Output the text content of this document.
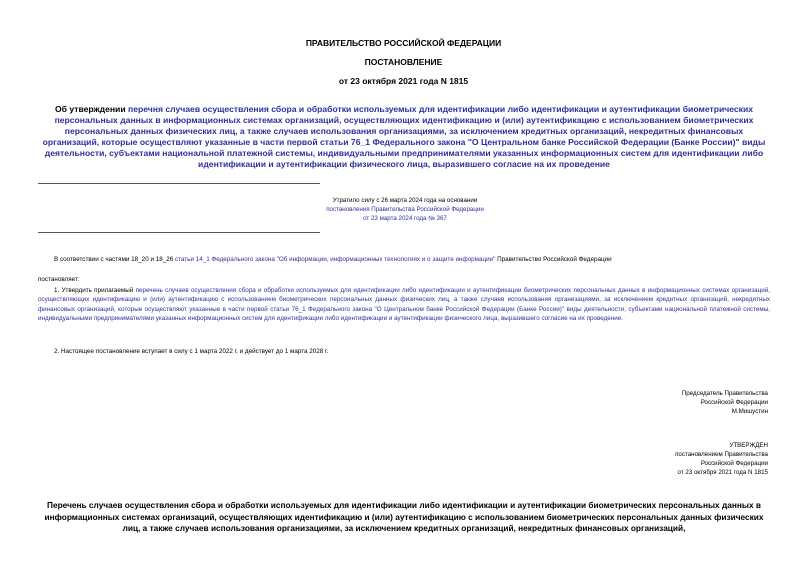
ПРАВИТЕЛЬСТВО РОССИЙСКОЙ ФЕДЕРАЦИИ
ПОСТАНОВЛЕНИЕ
от 23 октября 2021 года N 1815
Об утверждении перечня случаев осуществления сбора и обработки используемых для идентификации либо идентификации и аутентификации биометрических персональных данных в информационных системах организаций, осуществляющих идентификацию и (или) аутентификацию с использованием биометрических персональных данных физических лиц, а также случаев использования организациями, за исключением кредитных организаций, некредитных финансовых организаций, которые осуществляют указанные в части первой статьи 76_1 Федерального закона "О Центральном банке Российской Федерации (Банке России)" виды деятельности, субъектами национальной платежной системы, индивидуальными предпринимателями указанных информационных систем для идентификации либо идентификации и аутентификации физического лица, выразившего согласие на их проведение
Утратило силу с 26 марта 2024 года на основании
постановления Правительства Российской Федерации
от 23 марта 2024 года № 367
В соответствии с частями 18_20 и 18_26 статьи 14_1 Федерального закона "Об информации, информационных технологиях и о защите информации" Правительство Российской Федерации
постановляет:
1. Утвердить прилагаемый перечень случаев осуществления сбора и обработки используемых для идентификации либо идентификации и аутентификации биометрических персональных данных в информационных системах организаций, осуществляющих идентификацию и (или) аутентификацию с использованием биометрических персональных данных физических лиц, а также случаев использования организациями, за исключением кредитных организаций, некредитных финансовых организаций, которые осуществляют указанные в части первой статьи 76_1 Федерального закона "О Центральном банке Российской Федерации (Банке России)" виды деятельности, субъектами национальной платежной системы, индивидуальными предпринимателями указанных информационных систем для идентификации либо идентификации и аутентификации физического лица, выразившего согласие на их проведение.
2. Настоящее постановление вступает в силу с 1 марта 2022 г. и действует до 1 марта 2028 г.
Председатель Правительства
Российской Федерации
М.Мишустин
УТВЕРЖДЕН
постановлением Правительства
Российской Федерации
от 23 октября 2021 года N 1815
Перечень случаев осуществления сбора и обработки используемых для идентификации либо идентификации и аутентификации биометрических персональных данных в информационных системах организаций, осуществляющих идентификацию и (или) аутентификацию с использованием биометрических персональных данных физических лиц, а также случаев использования организациями, за исключением кредитных организаций, некредитных финансовых организаций,
